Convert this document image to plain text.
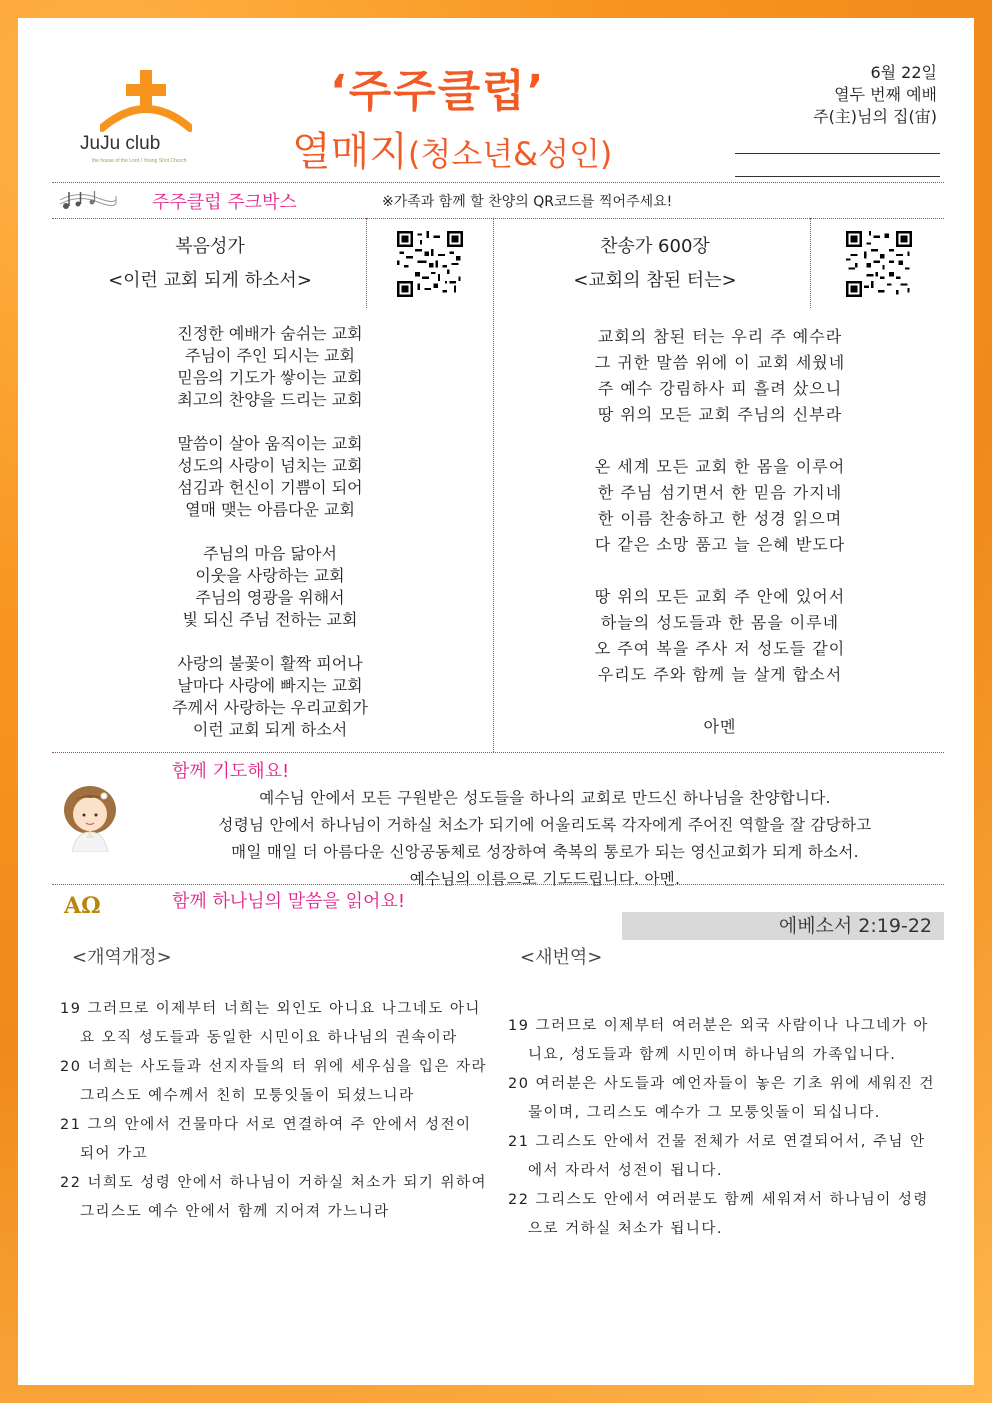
JuJu club
the house of the Lord / Young Shot Church
‘주주클럽’
열매지(청소년&성인)
6월 22일
열두 번째 예배
주(主)님의 집(宙)
주주클럽 주크박스	※가족과 함께 할 찬양의 QR코드를 찍어주세요!
복음성가
<이런 교회 되게 하소서>
찬송가 600장
<교회의 참된 터는>
진정한 예배가 숨쉬는 교회
주님이 주인 되시는 교회
믿음의 기도가 쌓이는 교회
최고의 찬양을 드리는 교회
말씀이 살아 움직이는 교회
성도의 사랑이 넘치는 교회
섬김과 헌신이 기쁨이 되어
열매 맺는 아름다운 교회
주님의 마음 닮아서
이웃을 사랑하는 교회
주님의 영광을 위해서
빛 되신 주님 전하는 교회
사랑의 불꽃이 활짝 피어나
날마다 사랑에 빠지는 교회
주께서 사랑하는 우리교회가
이런 교회 되게 하소서
교회의 참된 터는 우리 주 예수라
그 귀한 말씀 위에 이 교회 세웠네
주 예수 강림하사 피 흘려 샀으니
땅 위의 모든 교회 주님의 신부라
온 세계 모든 교회 한 몸을 이루어
한 주님 섬기면서 한 믿음 가지네
한 이름 찬송하고 한 성경 읽으며
다 같은 소망 품고 늘 은혜 받도다
땅 위의 모든 교회 주 안에 있어서
하늘의 성도들과 한 몸을 이루네
오 주여 복을 주사 저 성도들 같이
우리도 주와 함께 늘 살게 합소서
아멘
함께 기도해요!
예수님 안에서 모든 구원받은 성도들을 하나의 교회로 만드신 하나님을 찬양합니다.
성령님 안에서 하나님이 거하실 처소가 되기에 어울리도록 각자에게 주어진 역할을 잘 감당하고
매일 매일 더 아름다운 신앙공동체로 성장하여 축복의 통로가 되는 영신교회가 되게 하소서.
예수님의 이름으로 기도드립니다. 아멘.
AΩ	함께 하나님의 말씀을 읽어요!
에베소서 2:19-22
<개역개정>	<새번역>

19 그러므로 이제부터 너희는 외인도 아니요 나그네도 아니요 오직 성도들과 동일한 시민이요 하나님의 권속이라

20 너희는 사도들과 선지자들의 터 위에 세우심을 입은 자라 그리스도 예수께서 친히 모퉁잇돌이 되셨느니라

21 그의 안에서 건물마다 서로 연결하여 주 안에서 성전이 되어 가고

22 너희도 성령 안에서 하나님이 거하실 처소가 되기 위하여 그리스도 예수 안에서 함께 지어져 가느니라

19 그러므로 이제부터 여러분은 외국 사람이나 나그네가 아니요, 성도들과 함께 시민이며 하나님의 가족입니다.

20 여러분은 사도들과 예언자들이 놓은 기초 위에 세워진 건물이며, 그리스도 예수가 그 모퉁잇돌이 되십니다.

21 그리스도 안에서 건물 전체가 서로 연결되어서, 주님 안에서 자라서 성전이 됩니다.

22 그리스도 안에서 여러분도 함께 세워져서 하나님이 성령으로 거하실 처소가 됩니다.
